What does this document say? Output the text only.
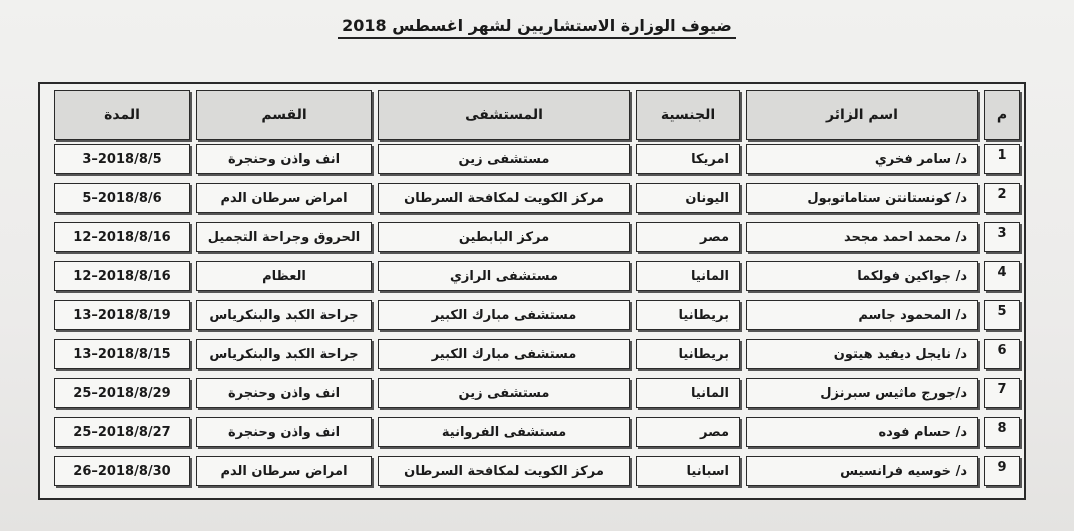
ضيوف الوزارة الاستشاريين لشهر اغسطس 2018
م
اسم الزائر
الجنسية
المستشفى
القسم
المدة
1
د/ سامر فخري
امريكا
مستشفى زين
انف واذن وحنجرة
2018/8/5–3
2
د/ كونستانتن ستاماتوبول
اليونان
مركز الكويت لمكافحة السرطان
امراض سرطان الدم
2018/8/6–5
3
د/ محمد احمد مجحد
مصر
مركز البابطين
الحروق وجراحة التجميل
2018/8/16–12
4
د/ جواكين فولكما
المانيا
مستشفى الرازي
العظام
2018/8/16–12
5
د/ المحمود جاسم
بريطانيا
مستشفى مبارك الكبير
جراحة الكبد والبنكرياس
2018/8/19–13
6
د/ نايجل ديفيد هيتون
بريطانيا
مستشفى مبارك الكبير
جراحة الكبد والبنكرياس
2018/8/15–13
7
د/جورج ماثيس سبرنزل
المانيا
مستشفى زين
انف واذن وحنجرة
2018/8/29–25
8
د/ حسام فوده
مصر
مستشفى الفروانية
انف واذن وحنجرة
2018/8/27–25
9
د/ خوسيه فرانسيس
اسبانيا
مركز الكويت لمكافحة السرطان
امراض سرطان الدم
2018/8/30–26
